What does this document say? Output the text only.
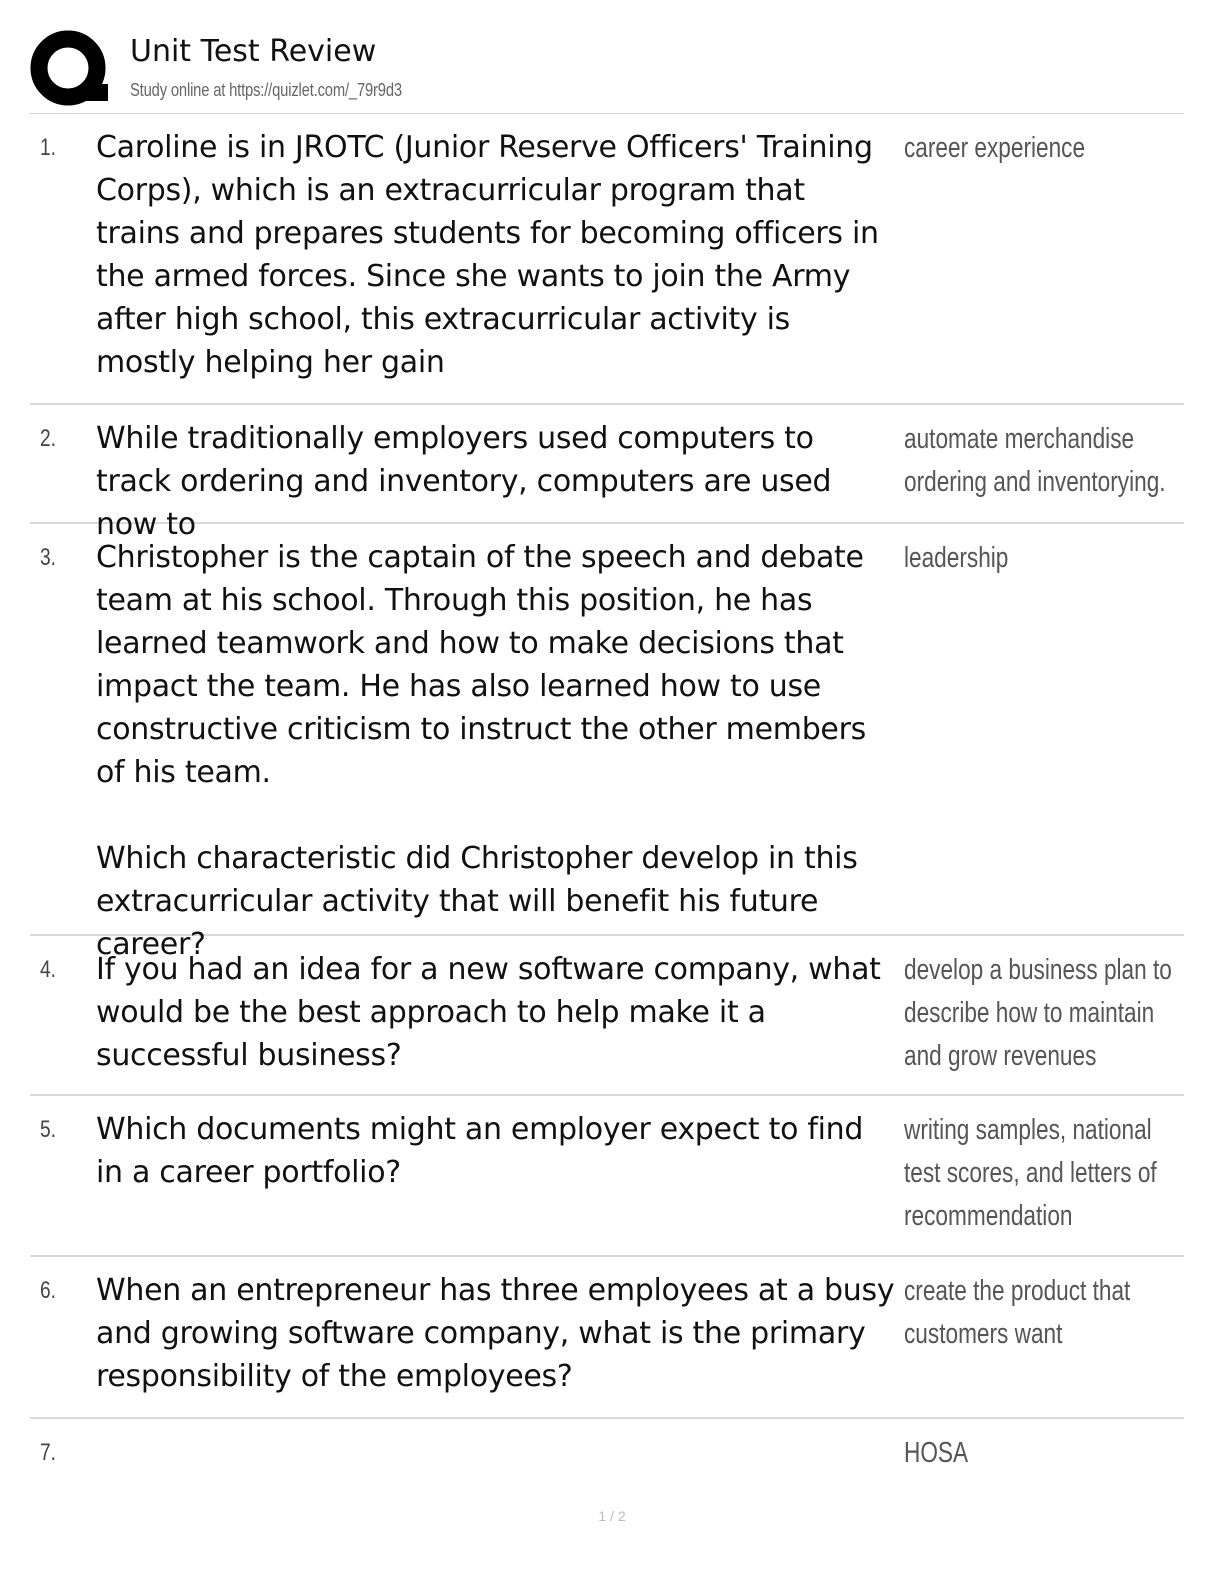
Unit Test Review
Study online at https://quizlet.com/_79r9d3
1. Caroline is in JROTC (Junior Reserve Officers' Training Corps), which is an extracurricular program that trains and prepares students for becoming officers in the armed forces. Since she wants to join the Army after high school, this extracurricular activity is mostly helping her gain
career experience
2. While traditionally employers used computers to track ordering and inventory, computers are used now to
automate merchandise ordering and inventorying.
3. Christopher is the captain of the speech and debate team at his school. Through this position, he has learned teamwork and how to make decisions that impact the team. He has also learned how to use constructive criticism to instruct the other members of his team.

Which characteristic did Christopher develop in this extracurricular activity that will benefit his future career?
leadership
4. If you had an idea for a new software company, what would be the best approach to help make it a successful business?
develop a business plan to describe how to maintain and grow revenues
5. Which documents might an employer expect to find in a career portfolio?
writing samples, national test scores, and letters of recommendation
6. When an entrepreneur has three employees at a busy and growing software company, what is the primary responsibility of the employees?
create the product that customers want
7.	HOSA
1 / 2
